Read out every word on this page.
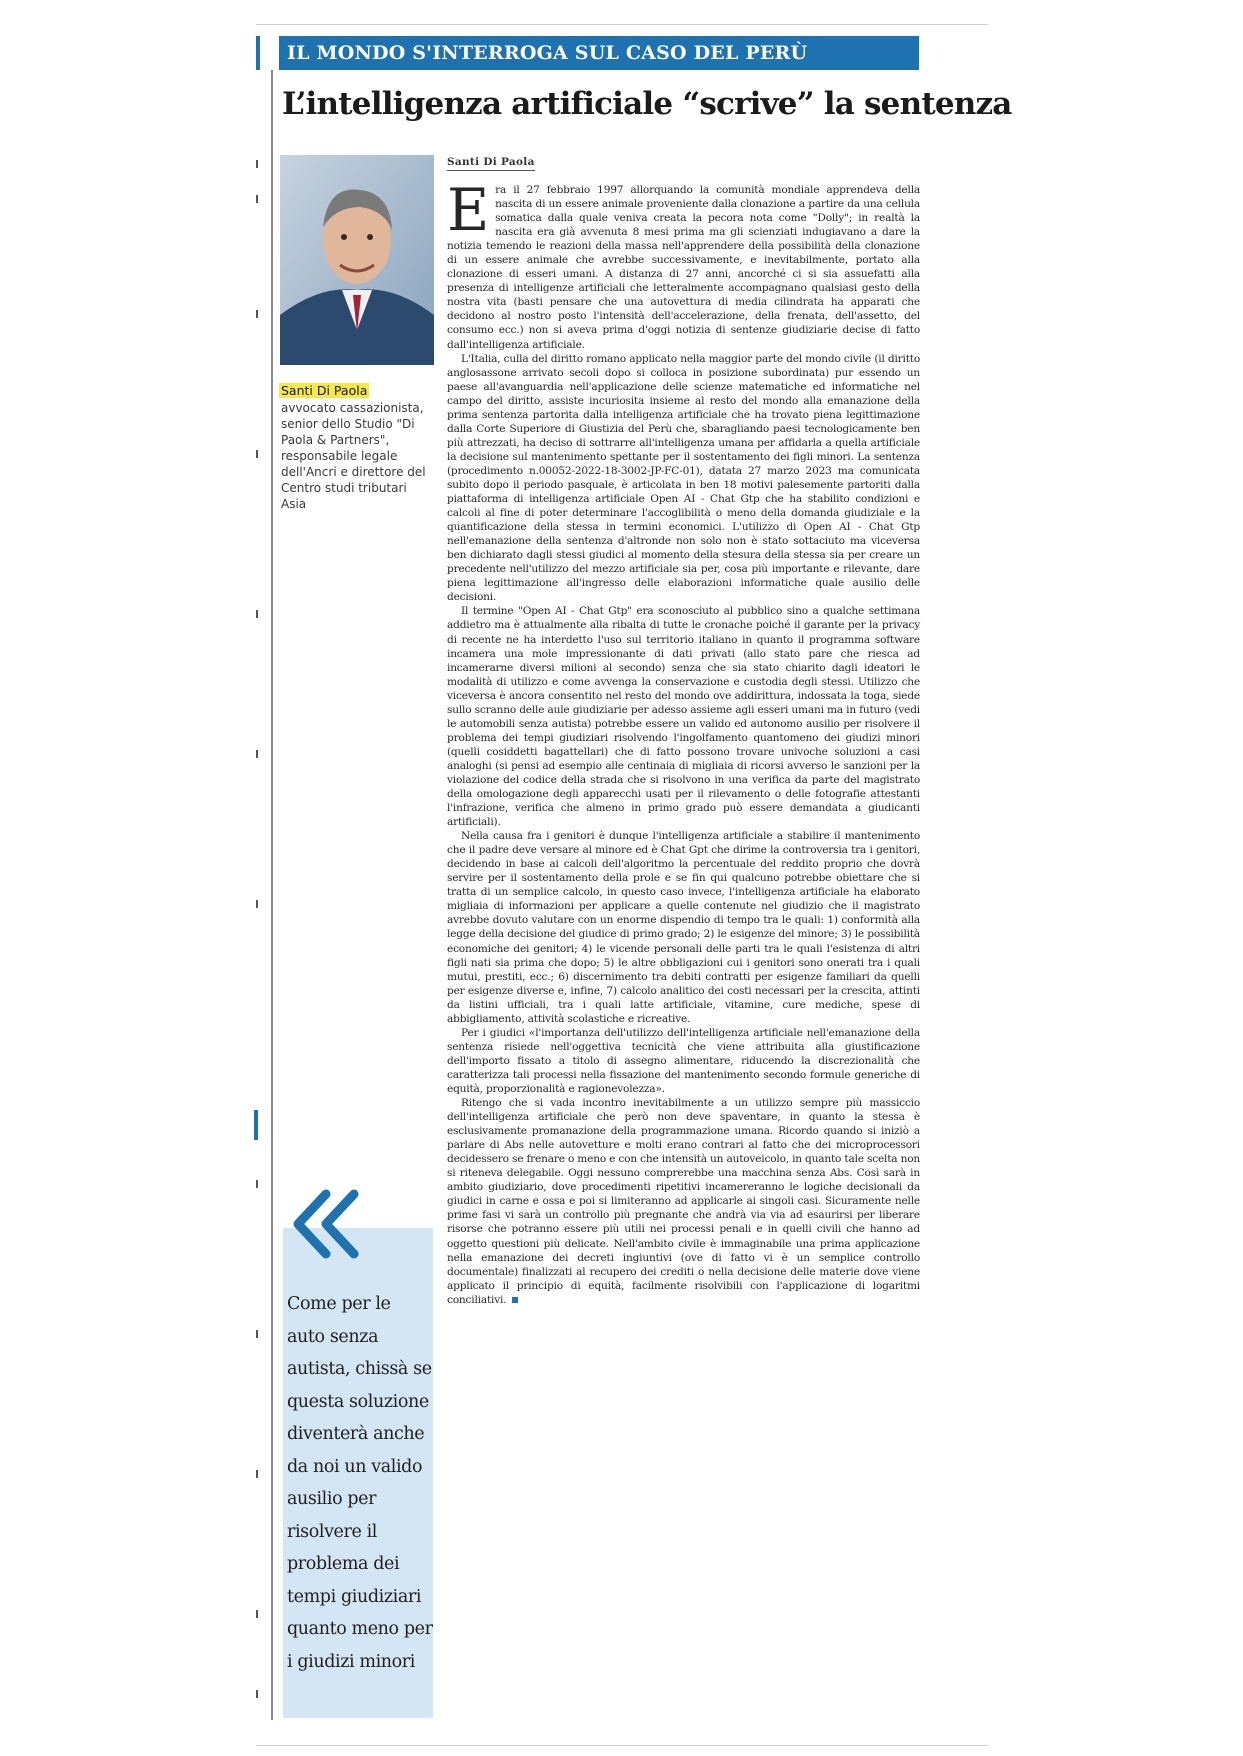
IL MONDO S'INTERROGA SUL CASO DEL PERÙ
L’intelligenza artificiale “scrive” la sentenza
Santi Di Paola
avvocato cassazionista, senior dello Studio "Di Paola & Partners", responsabile legale dell'Ancri e direttore del Centro studi tributari Asia
Come per le auto senza autista, chissà se questa soluzione diventerà anche da noi un valido ausilio per risolvere il problema dei tempi giudiziari quanto meno per i giudizi minori
Santi Di Paola

Era il 27 febbraio 1997 allorquando la comunità mondiale apprendeva della nascita di un essere animale proveniente dalla clonazione a partire da una cellula somatica dalla quale veniva creata la pecora nota come "Dolly"; in realtà la nascita era già avvenuta 8 mesi prima ma gli scienziati indugiavano a dare la notizia temendo le reazioni della massa nell'apprendere della possibilità della clonazione di un essere animale che avrebbe successivamente, e inevitabilmente, portato alla clonazione di esseri umani. A distanza di 27 anni, ancorché ci si sia assuefatti alla presenza di intelligenze artificiali che letteralmente accompagnano qualsiasi gesto della nostra vita (basti pensare che una autovettura di media cilindrata ha apparati che decidono al nostro posto l'intensità dell'accelerazione, della frenata, dell'assetto, del consumo ecc.) non si aveva prima d'oggi notizia di sentenze giudiziarie decise di fatto dall'intelligenza artificiale.

L'Italia, culla del diritto romano applicato nella maggior parte del mondo civile (il diritto anglosassone arrivato secoli dopo si colloca in posizione subordinata) pur essendo un paese all'avanguardia nell'applicazione delle scienze matematiche ed informatiche nel campo del diritto, assiste incuriosita insieme al resto del mondo alla emanazione della prima sentenza partorita dalla intelligenza artificiale che ha trovato piena legittimazione dalla Corte Superiore di Giustizia del Perù che, sbaragliando paesi tecnologicamente ben più attrezzati, ha deciso di sottrarre all'intelligenza umana per affidarla a quella artificiale la decisione sul mantenimento spettante per il sostentamento dei figli minori. La sentenza (procedimento n.00052-2022-18-3002-JP-FC-01), datata 27 marzo 2023 ma comunicata subito dopo il periodo pasquale, è articolata in ben 18 motivi palesemente partoriti dalla piattaforma di intelligenza artificiale Open AI - Chat Gtp che ha stabilito condizioni e calcoli al fine di poter determinare l'accoglibilità o meno della domanda giudiziale e la quantificazione della stessa in termini economici. L'utilizzo di Open AI - Chat Gtp nell'emanazione della sentenza d'altronde non solo non è stato sottaciuto ma viceversa ben dichiarato dagli stessi giudici al momento della stesura della stessa sia per creare un precedente nell'utilizzo del mezzo artificiale sia per, cosa più importante e rilevante, dare piena legittimazione all'ingresso delle elaborazioni informatiche quale ausilio delle decisioni.

Il termine "Open AI - Chat Gtp" era sconosciuto al pubblico sino a qualche settimana addietro ma è attualmente alla ribalta di tutte le cronache poiché il garante per la privacy di recente ne ha interdetto l'uso sul territorio italiano in quanto il programma software incamera una mole impressionante di dati privati (allo stato pare che riesca ad incamerarne diversi milioni al secondo) senza che sia stato chiarito dagli ideatori le modalità di utilizzo e come avvenga la conservazione e custodia degli stessi. Utilizzo che viceversa è ancora consentito nel resto del mondo ove addirittura, indossata la toga, siede sullo scranno delle aule giudiziarie per adesso assieme agli esseri umani ma in futuro (vedi le automobili senza autista) potrebbe essere un valido ed autonomo ausilio per risolvere il problema dei tempi giudiziari risolvendo l'ingolfamento quantomeno dei giudizi minori (quelli cosiddetti bagattellari) che di fatto possono trovare univoche soluzioni a casi analoghi (si pensi ad esempio alle centinaia di migliaia di ricorsi avverso le sanzioni per la violazione del codice della strada che si risolvono in una verifica da parte del magistrato della omologazione degli apparecchi usati per il rilevamento o delle fotografie attestanti l'infrazione, verifica che almeno in primo grado può essere demandata a giudicanti artificiali).

Nella causa fra i genitori è dunque l'intelligenza artificiale a stabilire il mantenimento che il padre deve versare al minore ed è Chat Gpt che dirime la controversia tra i genitori, decidendo in base ai calcoli dell'algoritmo la percentuale del reddito proprio che dovrà servire per il sostentamento della prole e se fin qui qualcuno potrebbe obiettare che si tratta di un semplice calcolo, in questo caso invece, l'intelligenza artificiale ha elaborato migliaia di informazioni per applicare a quelle contenute nel giudizio che il magistrato avrebbe dovuto valutare con un enorme dispendio di tempo tra le quali: 1) conformità alla legge della decisione del giudice di primo grado; 2) le esigenze del minore; 3) le possibilità economiche dei genitori; 4) le vicende personali delle parti tra le quali l'esistenza di altri figli nati sia prima che dopo; 5) le altre obbligazioni cui i genitori sono onerati tra i quali mutui, prestiti, ecc.; 6) discernimento tra debiti contratti per esigenze familiari da quelli per esigenze diverse e, infine, 7) calcolo analitico dei costi necessari per la crescita, attinti da listini ufficiali, tra i quali latte artificiale, vitamine, cure mediche, spese di abbigliamento, attività scolastiche e ricreative.

Per i giudici «l'importanza dell'utilizzo dell'intelligenza artificiale nell'emanazione della sentenza risiede nell'oggettiva tecnicità che viene attribuita alla giustificazione dell'importo fissato a titolo di assegno alimentare, riducendo la discrezionalità che caratterizza tali processi nella fissazione del mantenimento secondo formule generiche di equità, proporzionalità e ragionevolezza».

Ritengo che si vada incontro inevitabilmente a un utilizzo sempre più massiccio dell'intelligenza artificiale che però non deve spaventare, in quanto la stessa è esclusivamente promanazione della programmazione umana. Ricordo quando si iniziò a parlare di Abs nelle autovetture e molti erano contrari al fatto che dei microprocessori decidessero se frenare o meno e con che intensità un autoveicolo, in quanto tale scelta non si riteneva delegabile. Oggi nessuno comprerebbe una macchina senza Abs. Così sarà in ambito giudiziario, dove procedimenti ripetitivi incamereranno le logiche decisionali da giudici in carne e ossa e poi si limiteranno ad applicarle ai singoli casi. Sicuramente nelle prime fasi vi sarà un controllo più pregnante che andrà via via ad esaurirsi per liberare risorse che potranno essere più utili nei processi penali e in quelli civili che hanno ad oggetto questioni più delicate. Nell'ambito civile è immaginabile una prima applicazione nella emanazione dei decreti ingiuntivi (ove di fatto vi è un semplice controllo documentale) finalizzati al recupero dei crediti o nella decisione delle materie dove viene applicato il principio di equità, facilmente risolvibili con l'applicazione di logaritmi conciliativi.
